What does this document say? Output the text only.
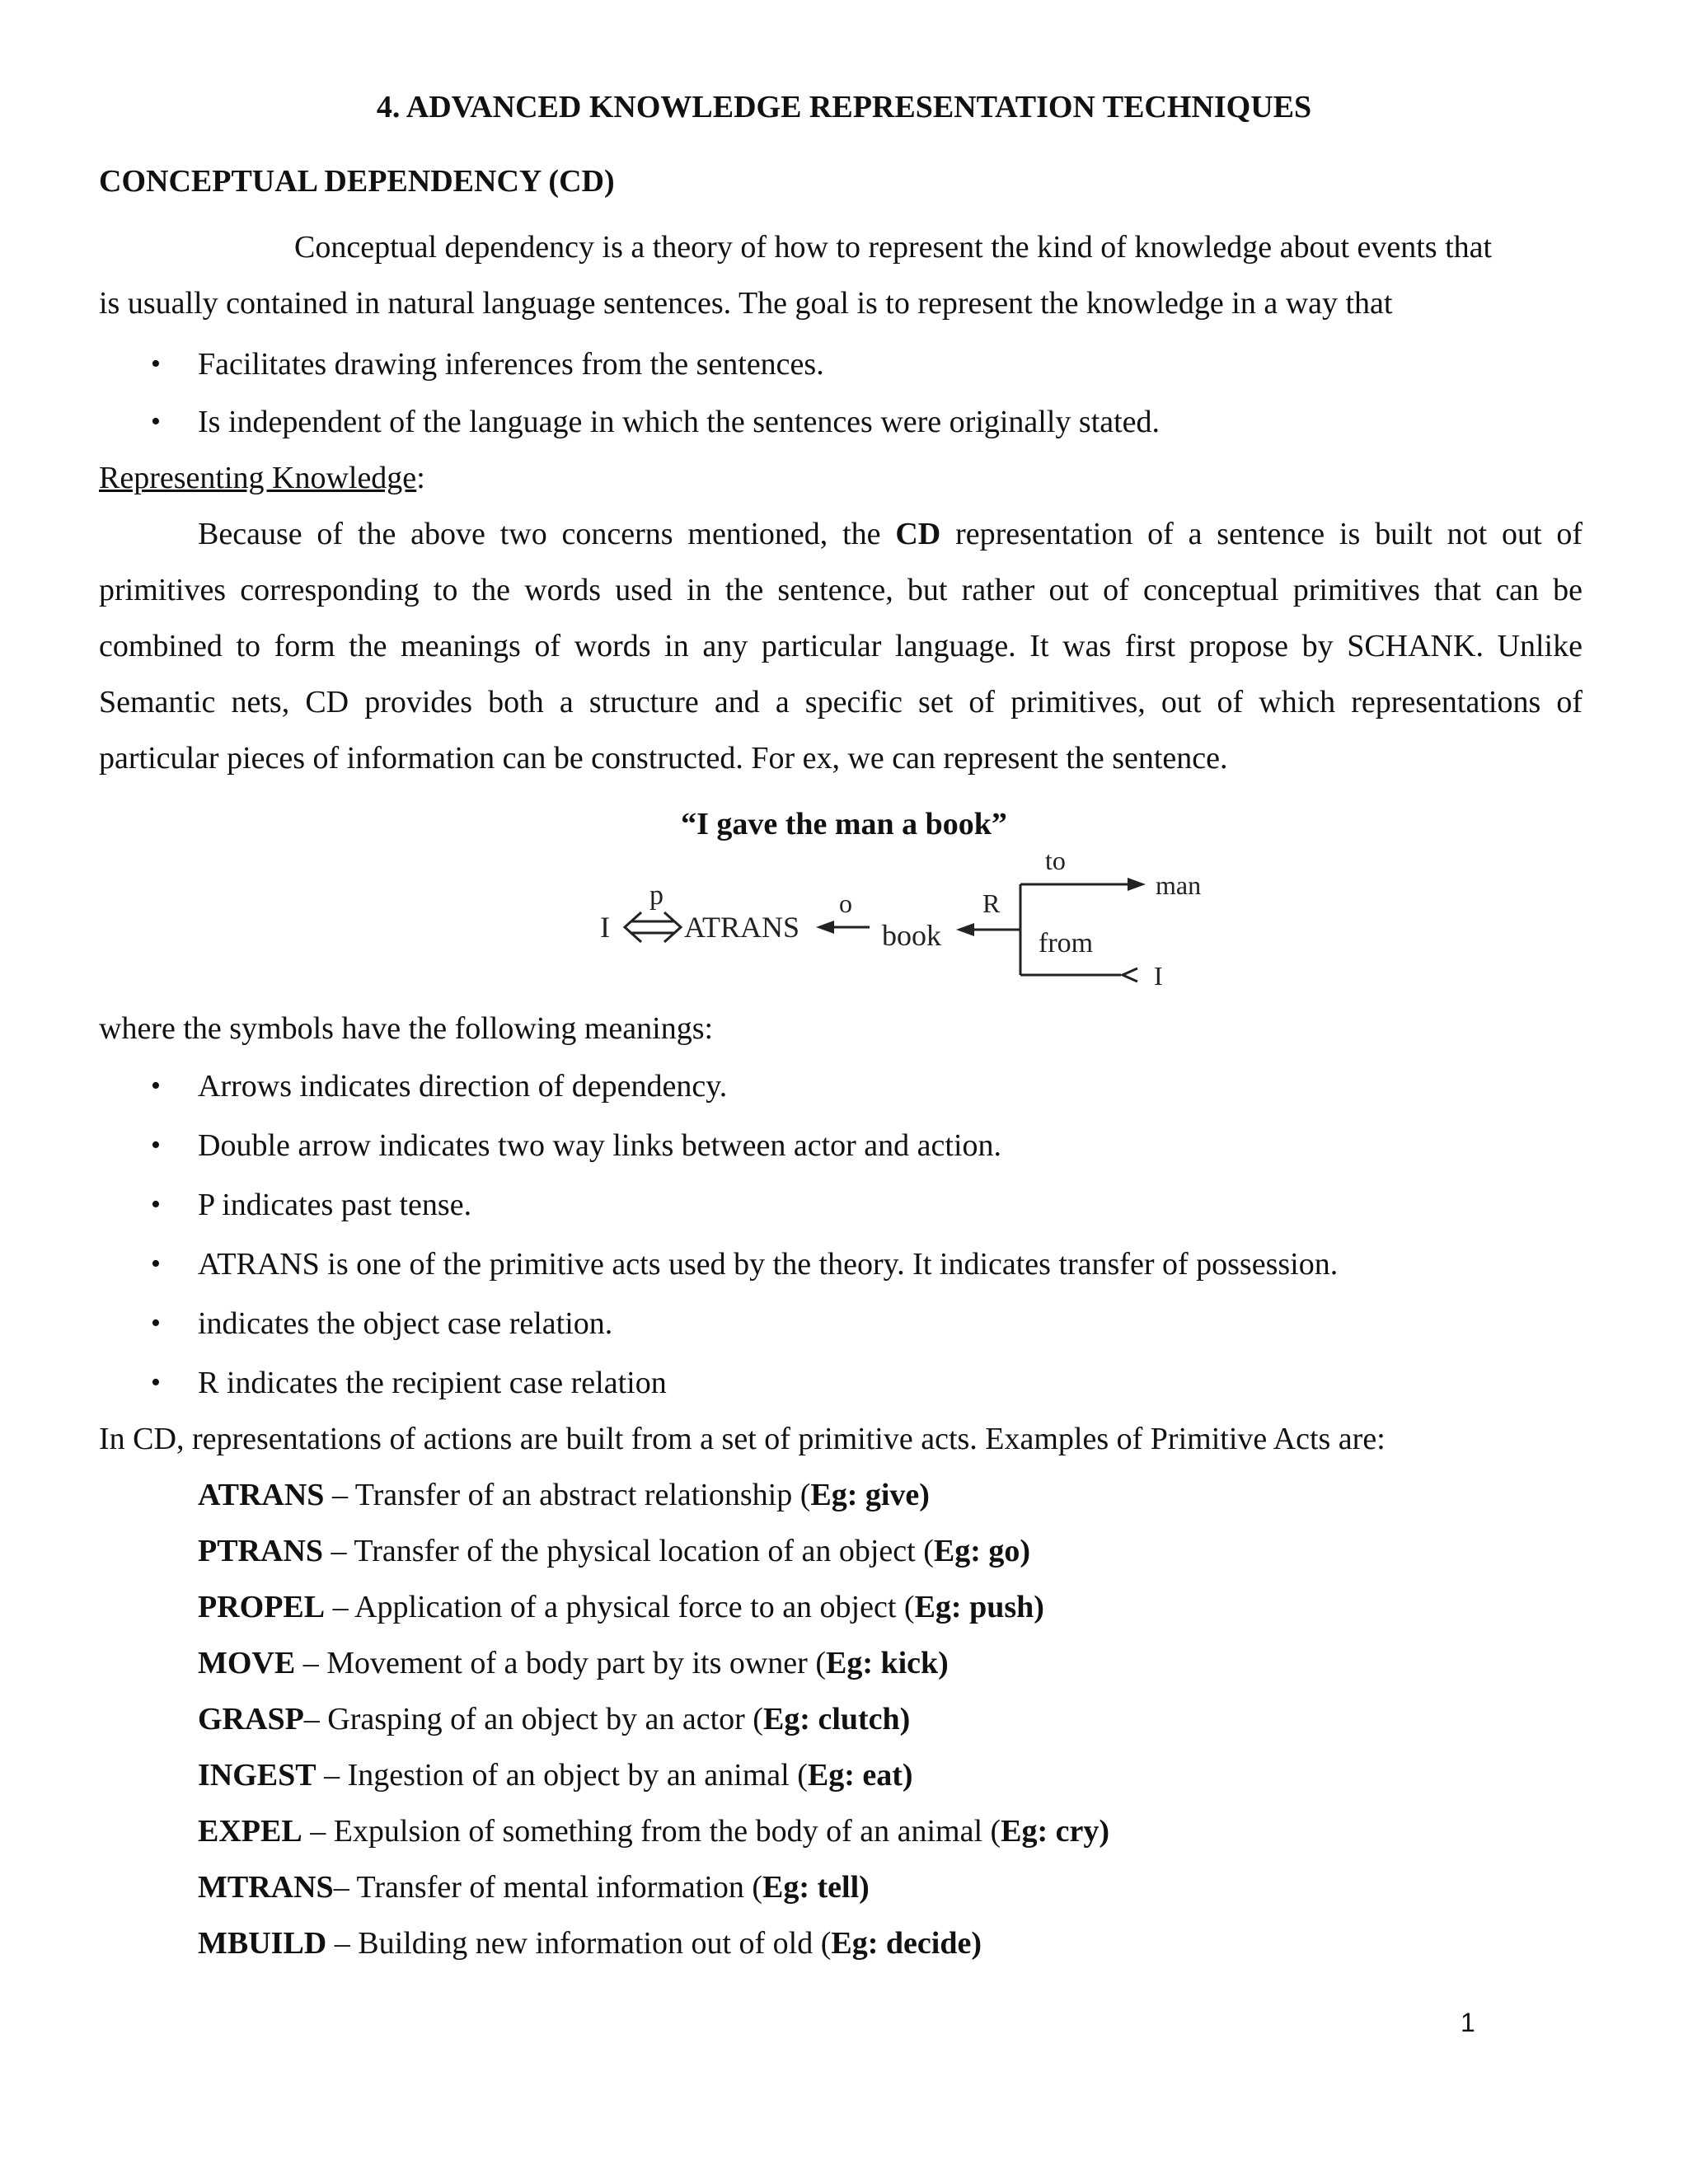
4. ADVANCED KNOWLEDGE REPRESENTATION TECHNIQUES
CONCEPTUAL DEPENDENCY (CD)
Conceptual dependency is a theory of how to represent the kind of knowledge about events that
is usually contained in natural language sentences. The goal is to represent the knowledge in a way that
• Facilitates drawing inferences from the sentences.
• Is independent of the language in which the sentences were originally stated.
Representing Knowledge:
Because of the above two concerns mentioned, the CD representation of a sentence is built not out of
primitives corresponding to the words used in the sentence, but rather out of conceptual primitives that can be
combined to form the meanings of words in any particular language. It was first propose by SCHANK. Unlike
Semantic nets, CD provides both a structure and a specific set of primitives, out of which representations of
particular pieces of information can be constructed. For ex, we can represent the sentence.
“I gave the man a book”
I
p
ATRANS
o
book
R
to
man
from
I
where the symbols have the following meanings:
• Arrows indicates direction of dependency.
• Double arrow indicates two way links between actor and action.
• P indicates past tense.
• ATRANS is one of the primitive acts used by the theory. It indicates transfer of possession.
• indicates the object case relation.
• R indicates the recipient case relation
In CD, representations of actions are built from a set of primitive acts. Examples of Primitive Acts are:
ATRANS – Transfer of an abstract relationship (Eg: give)
PTRANS – Transfer of the physical location of an object (Eg: go)
PROPEL – Application of a physical force to an object (Eg: push)
MOVE – Movement of a body part by its owner (Eg: kick)
GRASP– Grasping of an object by an actor (Eg: clutch)
INGEST – Ingestion of an object by an animal (Eg: eat)
EXPEL – Expulsion of something from the body of an animal (Eg: cry)
MTRANS– Transfer of mental information (Eg: tell)
MBUILD – Building new information out of old (Eg: decide)
1
